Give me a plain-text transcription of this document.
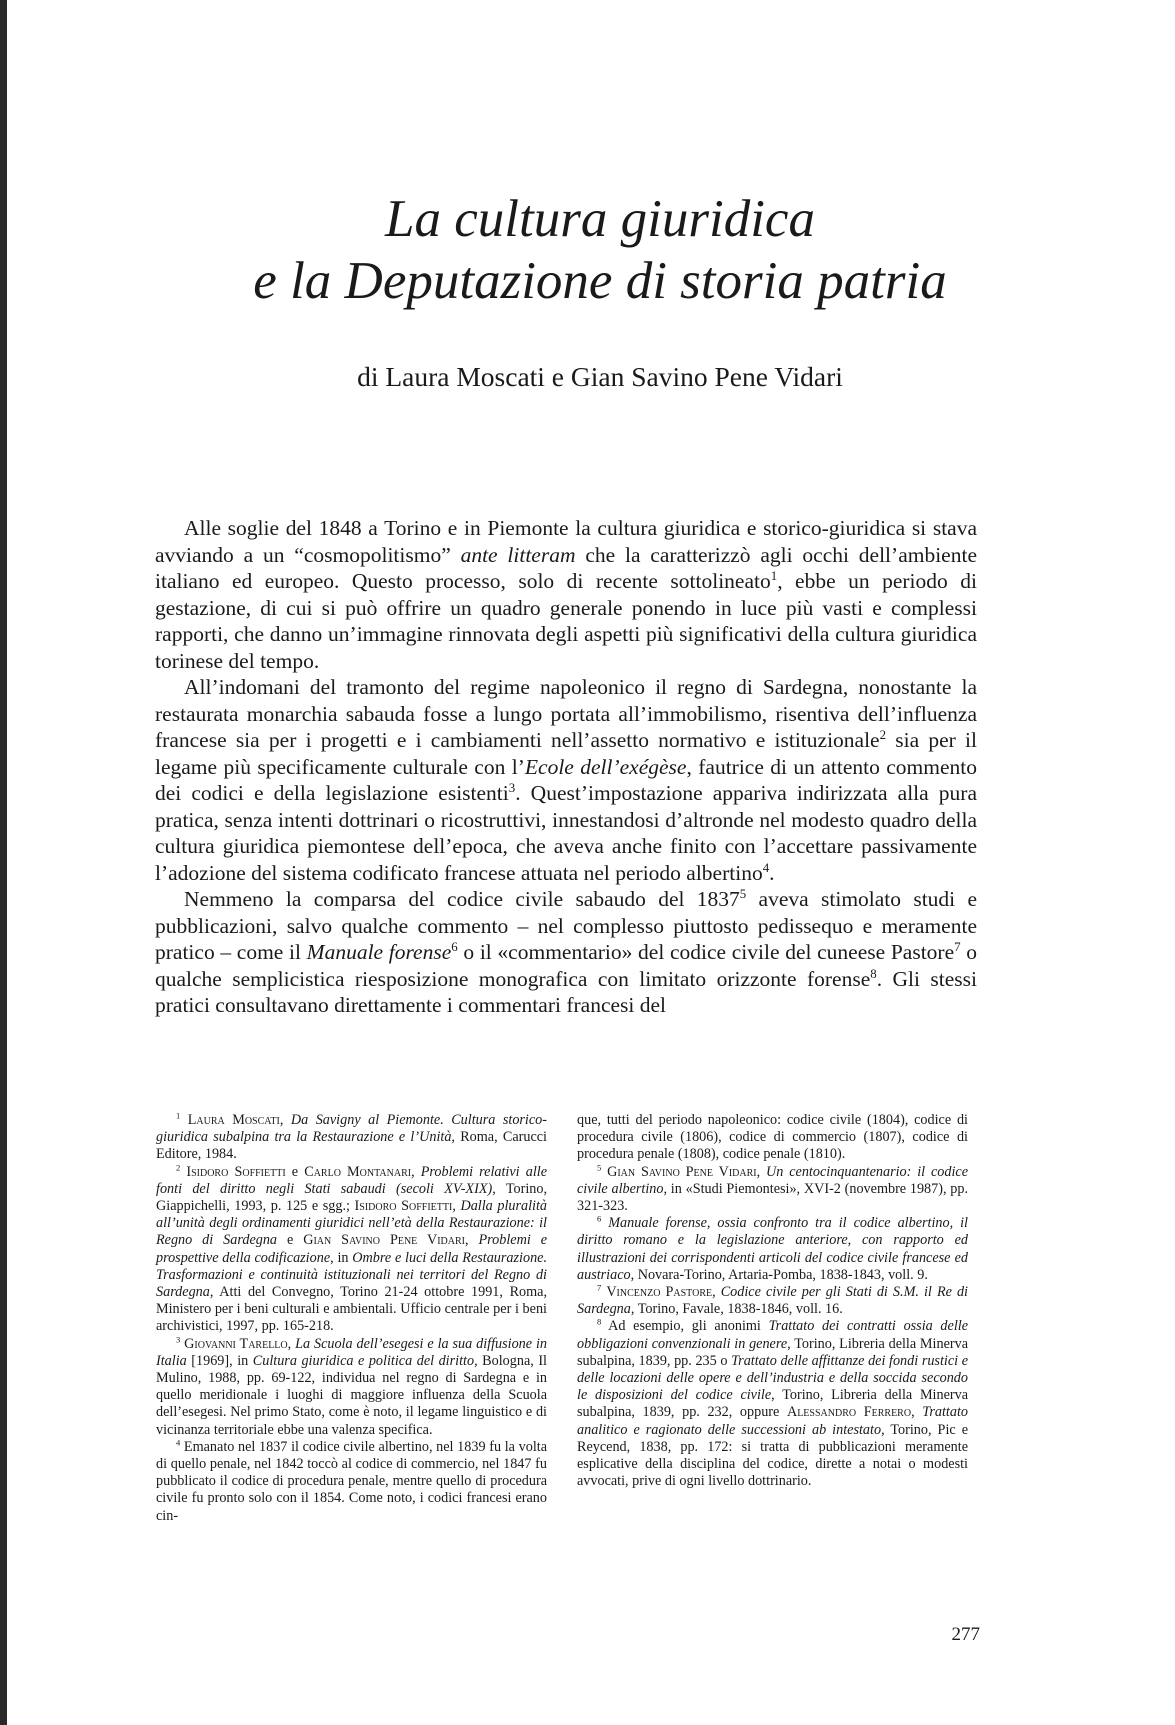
La cultura giuridica
e la Deputazione di storia patria

di Laura Moscati e Gian Savino Pene Vidari

Alle soglie del 1848 a Torino e in Piemonte la cultura giuridica e storico-giuridica si stava avviando a un “cosmopolitismo” ante litteram che la caratterizzò agli occhi dell’ambiente italiano ed europeo. Questo processo, solo di recente sottolineato$^1$, ebbe un periodo di gestazione, di cui si può offrire un quadro generale ponendo in luce più vasti e complessi rapporti, che danno un’immagine rinnovata degli aspetti più significativi della cultura giuridica torinese del tempo.

All’indomani del tramonto del regime napoleonico il regno di Sardegna, nonostante la restaurata monarchia sabauda fosse a lungo portata all’immobilismo, risentiva dell’influenza francese sia per i progetti e i cambiamenti nell’assetto normativo e istituzionale$^2$ sia per il legame più specificamente culturale con l’Ecole dell’exégèse, fautrice di un attento commento dei codici e della legislazione esistenti$^3$. Quest’impostazione appariva indirizzata alla pura pratica, senza intenti dottrinari o ricostruttivi, innestandosi d’altronde nel modesto quadro della cultura giuridica piemontese dell’epoca, che aveva anche finito con l’accettare passivamente l’adozione del sistema codificato francese attuata nel periodo albertino$^4$.

Nemmeno la comparsa del codice civile sabaudo del 1837$^5$ aveva stimolato studi e pubblicazioni, salvo qualche commento – nel complesso piuttosto pedissequo e meramente pratico – come il Manuale forense$^6$ o il «commentario» del codice civile del cuneese Pastore$^7$ o qualche semplicistica riesposizione monografica con limitato orizzonte forense$^8$. Gli stessi pratici consultavano direttamente i commentari francesi del

$^1$ Laura Moscati, Da Savigny al Piemonte. Cultura storico-giuridica subalpina tra la Restaurazione e l’Unità, Roma, Carucci Editore, 1984.

$^2$ Isidoro Soffietti e Carlo Montanari, Problemi relativi alle fonti del diritto negli Stati sabaudi (secoli XV-XIX), Torino, Giappichelli, 1993, p. 125 e sgg.; Isidoro Soffietti, Dalla pluralità all’unità degli ordinamenti giuridici nell’età della Restaurazione: il Regno di Sardegna e Gian Savino Pene Vidari, Problemi e prospettive della codificazione, in Ombre e luci della Restaurazione. Trasformazioni e continuità istituzionali nei territori del Regno di Sardegna, Atti del Convegno, Torino 21-24 ottobre 1991, Roma, Ministero per i beni culturali e ambientali. Ufficio centrale per i beni archivistici, 1997, pp. 165-218.

$^3$ Giovanni Tarello, La Scuola dell’esegesi e la sua diffusione in Italia [1969], in Cultura giuridica e politica del diritto, Bologna, Il Mulino, 1988, pp. 69-122, individua nel regno di Sardegna e in quello meridionale i luoghi di maggiore influenza della Scuola dell’esegesi. Nel primo Stato, come è noto, il legame linguistico e di vicinanza territoriale ebbe una valenza specifica.

$^4$ Emanato nel 1837 il codice civile albertino, nel 1839 fu la volta di quello penale, nel 1842 toccò al codice di commercio, nel 1847 fu pubblicato il codice di procedura penale, mentre quello di procedura civile fu pronto solo con il 1854. Come noto, i codici francesi erano cin-

que, tutti del periodo napoleonico: codice civile (1804), codice di procedura civile (1806), codice di commercio (1807), codice di procedura penale (1808), codice penale (1810).

$^5$ Gian Savino Pene Vidari, Un centocinquantenario: il codice civile albertino, in «Studi Piemontesi», XVI-2 (novembre 1987), pp. 321-323.

$^6$ Manuale forense, ossia confronto tra il codice albertino, il diritto romano e la legislazione anteriore, con rapporto ed illustrazioni dei corrispondenti articoli del codice civile francese ed austriaco, Novara-Torino, Artaria-Pomba, 1838-1843, voll. 9.

$^7$ Vincenzo Pastore, Codice civile per gli Stati di S.M. il Re di Sardegna, Torino, Favale, 1838-1846, voll. 16.

$^8$ Ad esempio, gli anonimi Trattato dei contratti ossia delle obbligazioni convenzionali in genere, Torino, Libreria della Minerva subalpina, 1839, pp. 235 o Trattato delle affittanze dei fondi rustici e delle locazioni delle opere e dell’industria e della soccida secondo le disposizioni del codice civile, Torino, Libreria della Minerva subalpina, 1839, pp. 232, oppure Alessandro Ferrero, Trattato analitico e ragionato delle successioni ab intestato, Torino, Pic e Reycend, 1838, pp. 172: si tratta di pubblicazioni meramente esplicative della disciplina del codice, dirette a notai o modesti avvocati, prive di ogni livello dottrinario.

277
